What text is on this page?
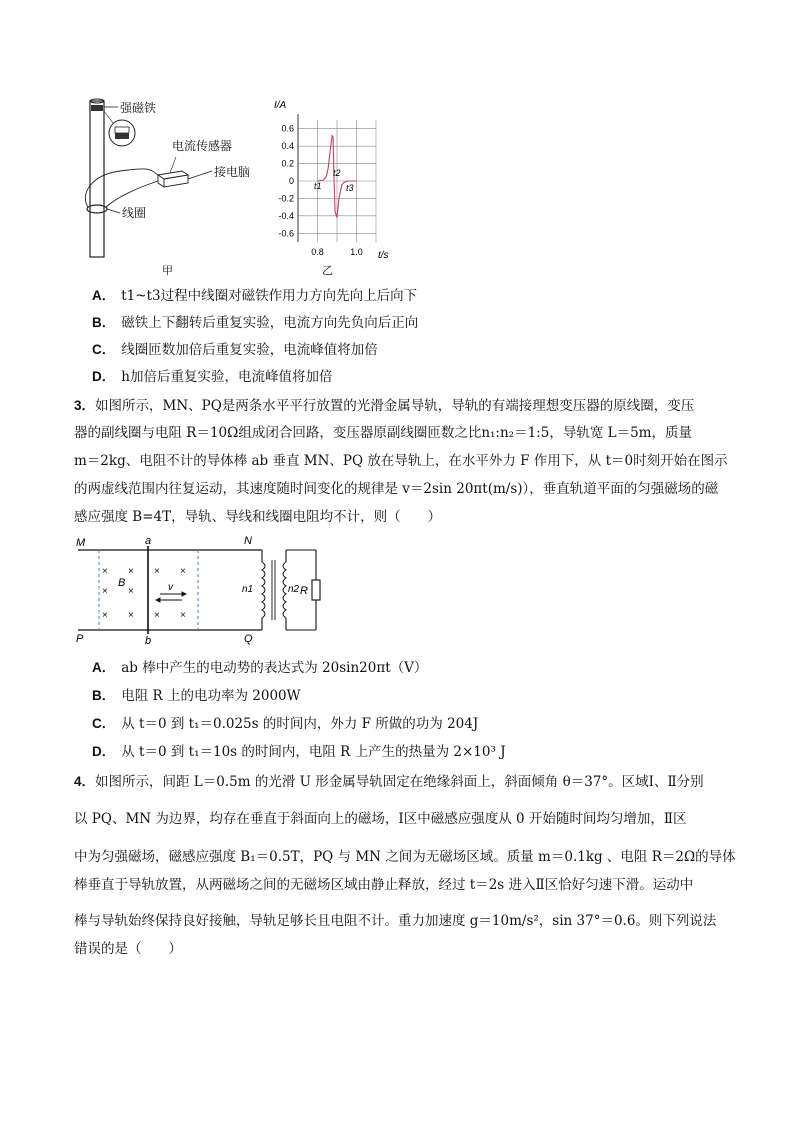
强磁铁
电流传感器
接电脑
线圈
甲
0.6
0.4
0.2
0
-0.2
-0.4
-0.6
0.8	1.0
I/A
t/s
t1
t2
t3
乙
A． t1~t3过程中线圈对磁铁作用力方向先向上后向下
B． 磁铁上下翻转后重复实验，电流方向先负向后正向
C． 线圈匝数加倍后重复实验，电流峰值将加倍
D． h加倍后重复实验，电流峰值将加倍
3．如图所示，MN、PQ是两条水平平行放置的光滑金属导轨，导轨的有端接理想变压器的原线圈，变压
器的副线圈与电阻 R＝10Ω组成闭合回路，变压器原副线圈匝数之比n₁:n₂＝1:5，导轨宽 L＝5m，质量
m＝2kg、电阻不计的导体棒 ab 垂直 MN、PQ 放在导轨上，在水平外力 F 作用下，从 t＝0时刻开始在图示
的两虚线范围内往复运动，其速度随时间变化的规律是 v＝2sin 20πt(m/s)），垂直轨道平面的匀强磁场的磁
感应强度 B=4T，导轨、导线和线圈电阻均不计，则（　　）
× ×
×
× ×
× ×
× ×
×
M	a	N
P	b	Q
B	v	n1	n2 R
A． ab 棒中产生的电动势的表达式为 20sin20πt（V）
B． 电阻 R 上的电功率为 2000W
C． 从 t＝0 到 t₁＝0.025s 的时间内，外力 F 所做的功为 204J
D． 从 t＝0 到 t₁＝10s 的时间内，电阻 R 上产生的热量为 2×10³ J
4．如图所示，间距 L＝0.5m 的光滑 U 形金属导轨固定在绝缘斜面上，斜面倾角 θ＝37°。区域Ⅰ、Ⅱ分别
以 PQ、MN 为边界，均存在垂直于斜面向上的磁场，Ⅰ区中磁感应强度从 0 开始随时间均匀增加，Ⅱ区
中为匀强磁场，磁感应强度 B₁＝0.5T，PQ 与 MN 之间为无磁场区域。质量 m＝0.1kg 、电阻 R＝2Ω的导体
棒垂直于导轨放置，从两磁场之间的无磁场区域由静止释放，经过 t＝2s 进入Ⅱ区恰好匀速下滑。运动中
棒与导轨始终保持良好接触，导轨足够长且电阻不计。重力加速度 g＝10m/s²，sin 37°＝0.6。则下列说法
错误的是（　　）
